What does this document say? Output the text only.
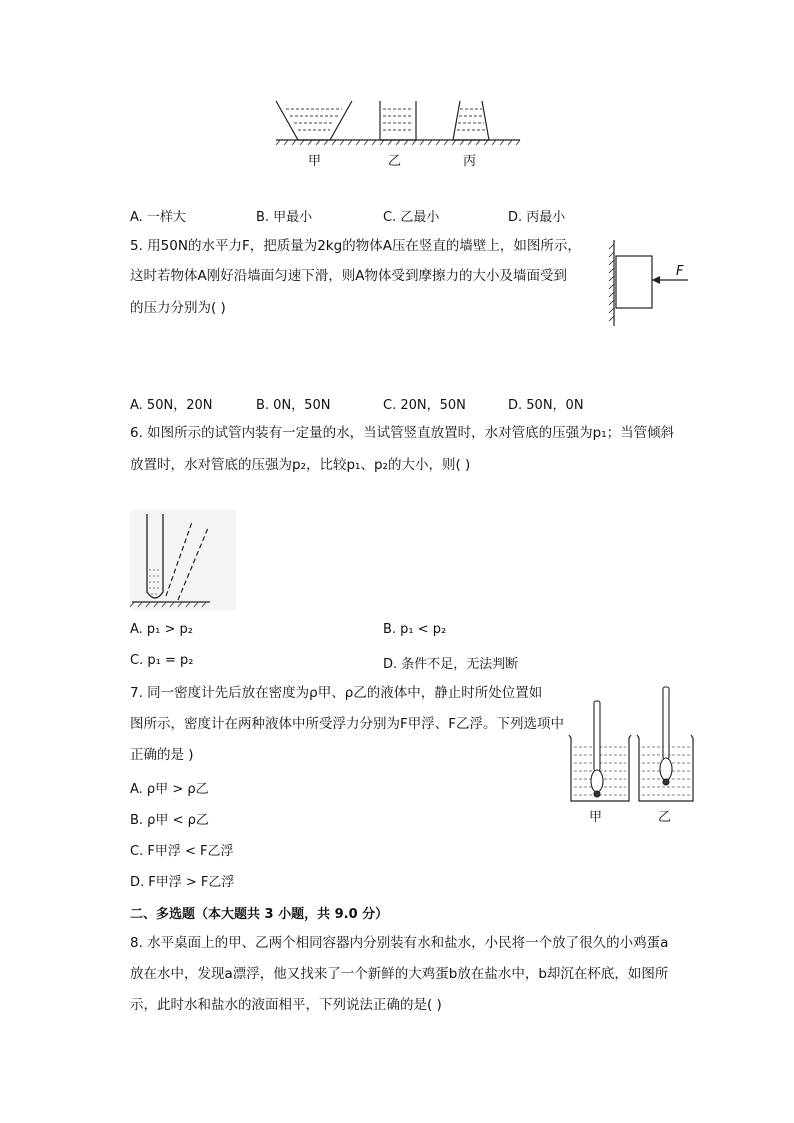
甲	乙	丙
A. 一样大	B. 甲最小	C. 乙最小	D. 丙最小
5. 用50N的水平力F，把质量为2kg的物体A压在竖直的墙壁上，如图所示，
这时若物体A刚好沿墙面匀速下滑，则A物体受到摩擦力的大小及墙面受到
的压力分别为( )
F
A. 50N，20N	B. 0N，50N	C. 20N，50N	D. 50N，0N
6. 如图所示的试管内装有一定量的水，当试管竖直放置时，水对管底的压强为p₁；当管倾斜
放置时，水对管底的压强为p₂，比较p₁、p₂的大小，则( )
A. p₁ > p₂	B. p₁ < p₂
C. p₁ = p₂	D. 条件不足，无法判断
7. 同一密度计先后放在密度为ρ甲、ρ乙的液体中，静止时所处位置如
图所示，密度计在两种液体中所受浮力分别为F甲浮、F乙浮。下列选项中
正确的是 )
A. ρ甲 > ρ乙
B. ρ甲 < ρ乙
C. F甲浮 < F乙浮
D. F甲浮 > F乙浮
甲	乙
二、多选题（本大题共 3 小题，共 9.0 分）
8. 水平桌面上的甲、乙两个相同容器内分别装有水和盐水，小民将一个放了很久的小鸡蛋a
放在水中，发现a漂浮，他又找来了一个新鲜的大鸡蛋b放在盐水中，b却沉在杯底，如图所
示，此时水和盐水的液面相平，下列说法正确的是( )
